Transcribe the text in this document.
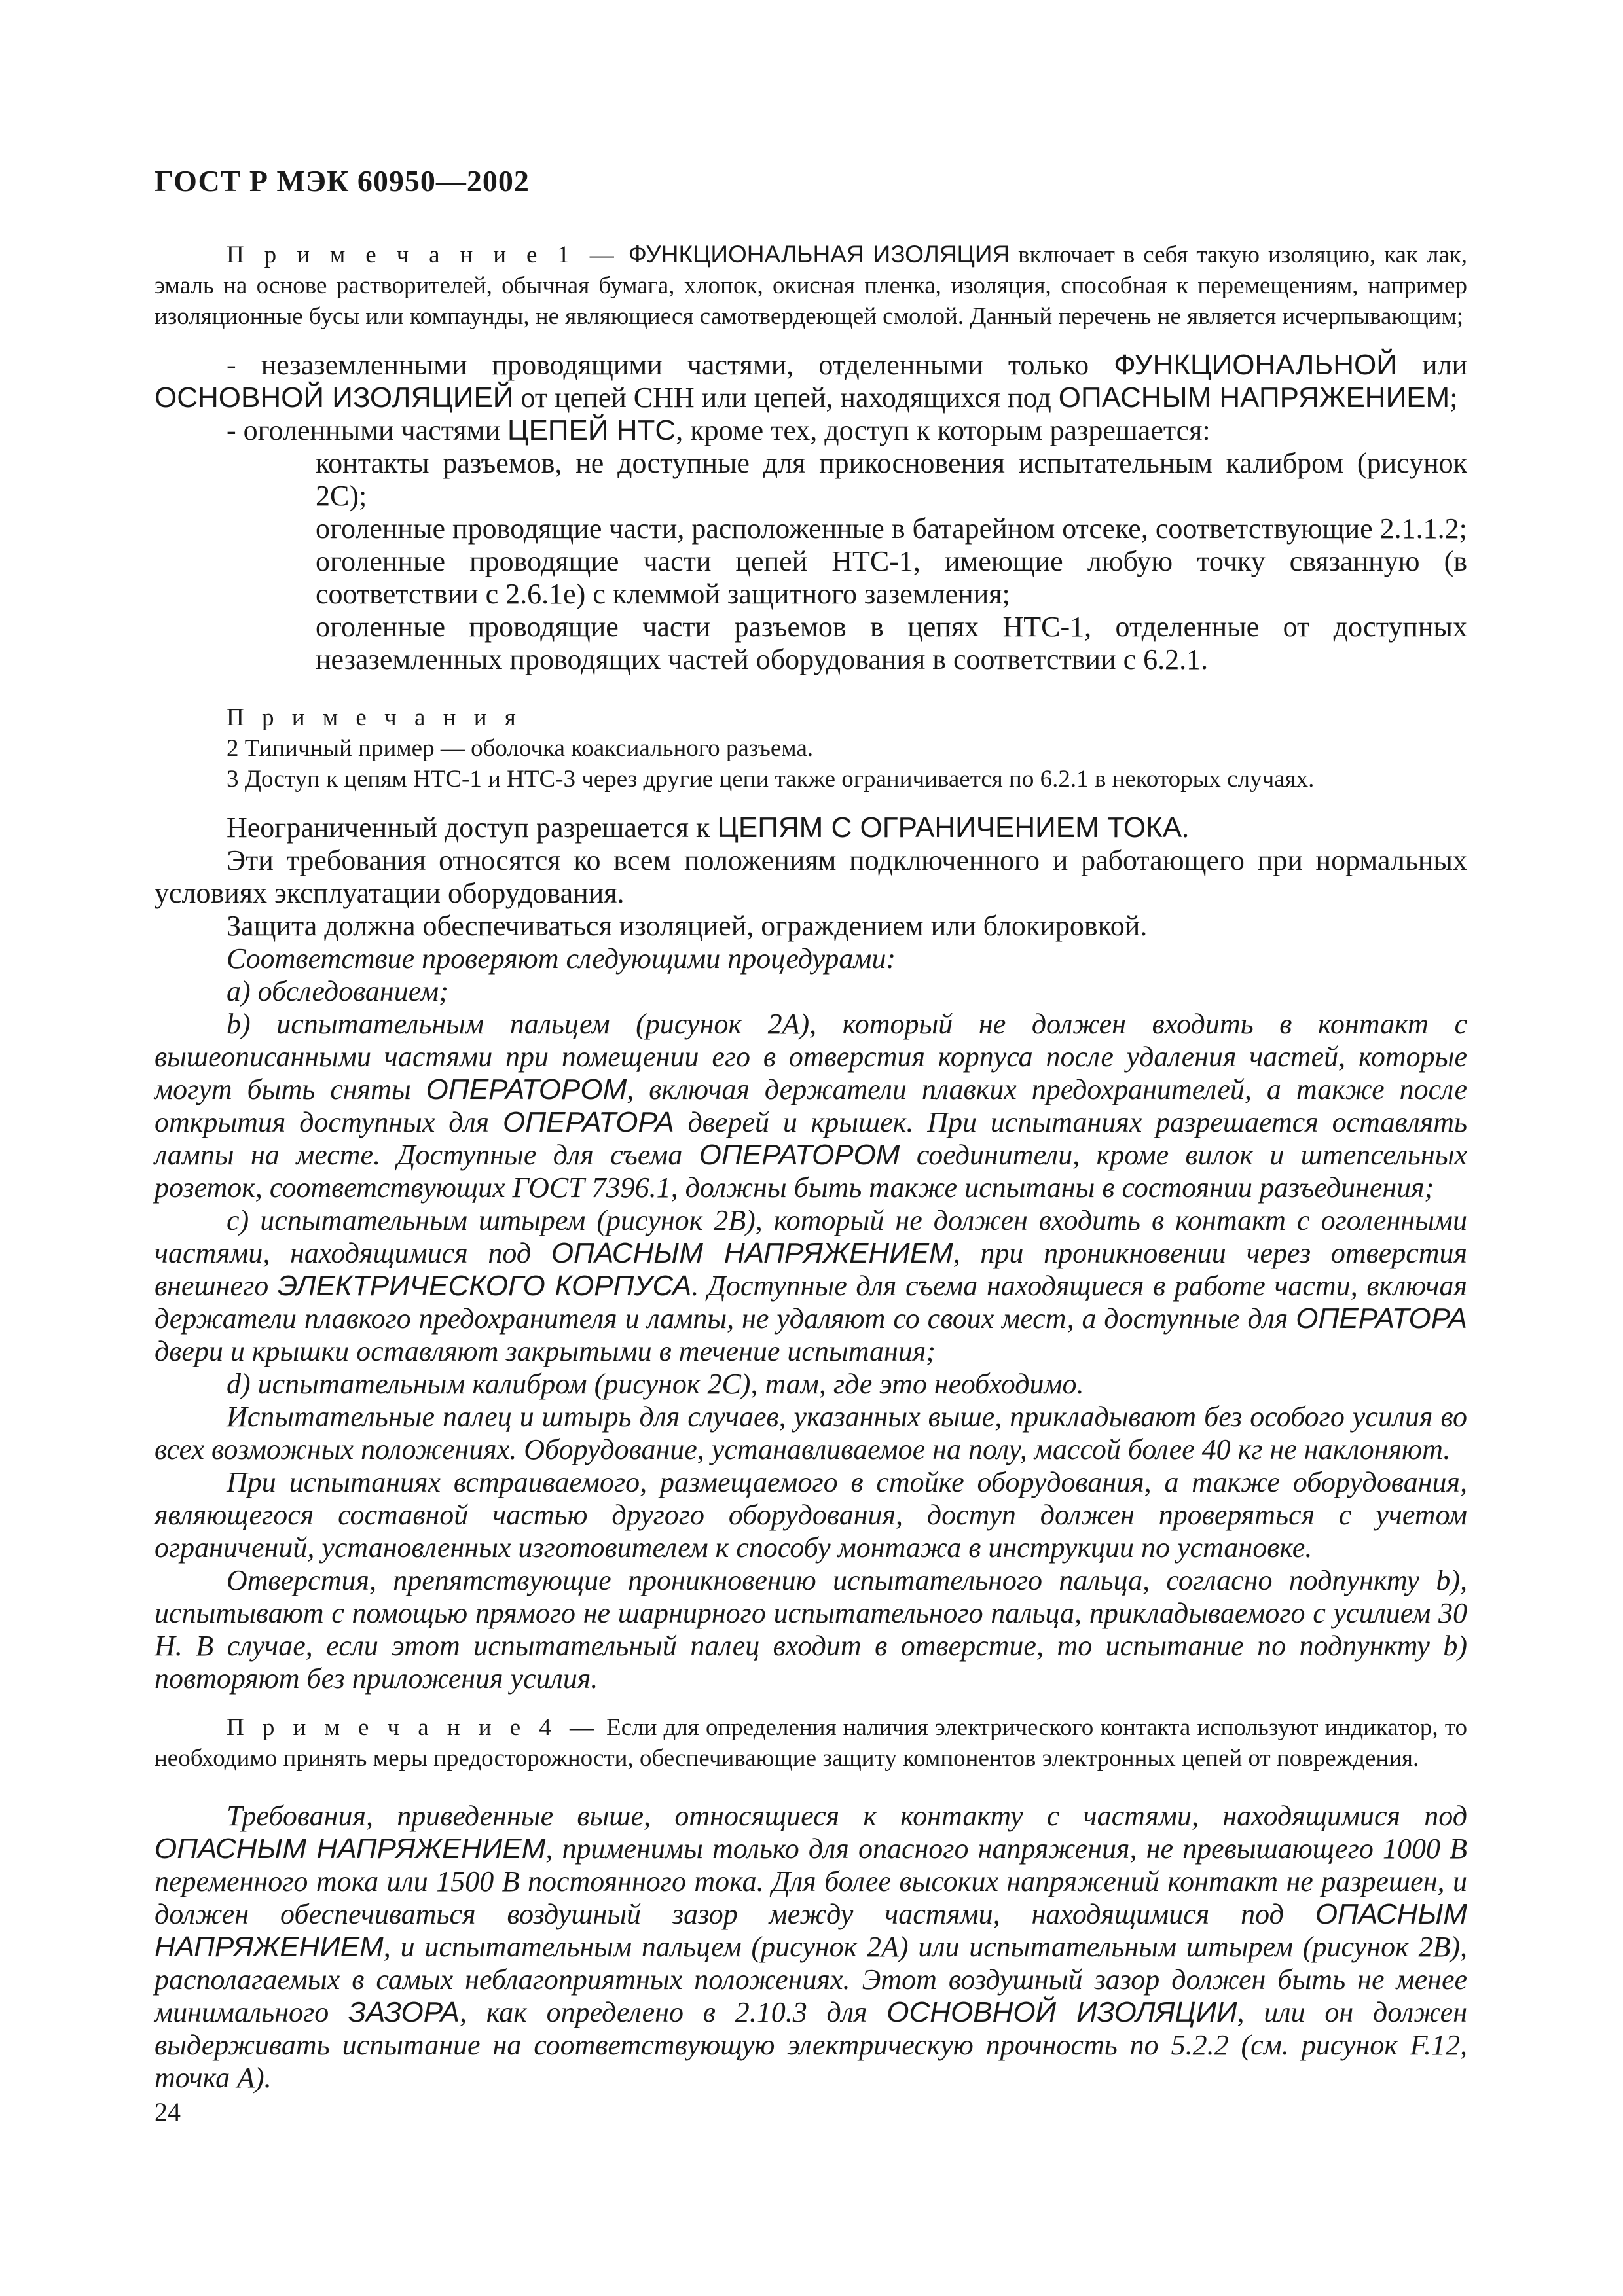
ГОСТ Р МЭК 60950—2002

П р и м е ч а н и е 1 — ФУНКЦИОНАЛЬНАЯ ИЗОЛЯЦИЯ включает в себя такую изоляцию, как лак, эмаль на основе растворителей, обычная бумага, хлопок, окисная пленка, изоляция, способная к перемещениям, например изоляционные бусы или компаунды, не являющиеся самотвердеющей смолой. Данный перечень не является исчерпывающим;

- незаземленными проводящими частями, отделенными только ФУНКЦИОНАЛЬНОЙ или ОСНОВНОЙ ИЗОЛЯЦИЕЙ от цепей СНН или цепей, находящихся под ОПАСНЫМ НАПРЯЖЕНИЕМ;

- оголенными частями ЦЕПЕЙ НТС, кроме тех, доступ к которым разрешается:

контакты разъемов, не доступные для прикосновения испытательным калибром (рисунок 2С);

оголенные проводящие части, расположенные в батарейном отсеке, соответствующие 2.1.1.2;

оголенные проводящие части цепей НТС-1, имеющие любую точку связанную (в соответствии с 2.6.1е) с клеммой защитного заземления;

оголенные проводящие части разъемов в цепях НТС-1, отделенные от доступных незаземленных проводящих частей оборудования в соответствии с 6.2.1.

П р и м е ч а н и я

2 Типичный пример — оболочка коаксиального разъема.

3 Доступ к цепям НТС-1 и НТС-3 через другие цепи также ограничивается по 6.2.1 в некоторых случаях.

Неограниченный доступ разрешается к ЦЕПЯМ С ОГРАНИЧЕНИЕМ ТОКА.

Эти требования относятся ко всем положениям подключенного и работающего при нормальных условиях эксплуатации оборудования.

Защита должна обеспечиваться изоляцией, ограждением или блокировкой.

Соответствие проверяют следующими процедурами:

a) обследованием;

b) испытательным пальцем (рисунок 2A), который не должен входить в контакт с вышеописанными частями при помещении его в отверстия корпуса после удаления частей, которые могут быть сняты ОПЕРАТОРОМ, включая держатели плавких предохранителей, а также после открытия доступных для ОПЕРАТОРА дверей и крышек. При испытаниях разрешается оставлять лампы на месте. Доступные для съема ОПЕРАТОРОМ соединители, кроме вилок и штепсельных розеток, соответствующих ГОСТ 7396.1, должны быть также испытаны в состоянии разъединения;

c) испытательным штырем (рисунок 2B), который не должен входить в контакт с оголенными частями, находящимися под ОПАСНЫМ НАПРЯЖЕНИЕМ, при проникновении через отверстия внешнего ЭЛЕКТРИЧЕСКОГО КОРПУСА. Доступные для съема находящиеся в работе части, включая держатели плавкого предохранителя и лампы, не удаляют со своих мест, а доступные для ОПЕРАТОРА двери и крышки оставляют закрытыми в течение испытания;

d) испытательным калибром (рисунок 2C), там, где это необходимо.

Испытательные палец и штырь для случаев, указанных выше, прикладывают без особого усилия во всех возможных положениях. Оборудование, устанавливаемое на полу, массой более 40 кг не наклоняют.

При испытаниях встраиваемого, размещаемого в стойке оборудования, а также оборудования, являющегося составной частью другого оборудования, доступ должен проверяться с учетом ограничений, установленных изготовителем к способу монтажа в инструкции по установке.

Отверстия, препятствующие проникновению испытательного пальца, согласно подпункту b), испытывают с помощью прямого не шарнирного испытательного пальца, прикладываемого с усилием 30 Н. В случае, если этот испытательный палец входит в отверстие, то испытание по подпункту b) повторяют без приложения усилия.

П р и м е ч а н и е 4 — Если для определения наличия электрического контакта используют индикатор, то необходимо принять меры предосторожности, обеспечивающие защиту компонентов электронных цепей от повреждения.

Требования, приведенные выше, относящиеся к контакту с частями, находящимися под ОПАСНЫМ НАПРЯЖЕНИЕМ, применимы только для опасного напряжения, не превышающего 1000 В переменного тока или 1500 В постоянного тока. Для более высоких напряжений контакт не разрешен, и должен обеспечиваться воздушный зазор между частями, находящимися под ОПАСНЫМ НАПРЯЖЕНИЕМ, и испытательным пальцем (рисунок 2A) или испытательным штырем (рисунок 2B), располагаемых в самых неблагоприятных положениях. Этот воздушный зазор должен быть не менее минимального ЗАЗОРА, как определено в 2.10.3 для ОСНОВНОЙ ИЗОЛЯЦИИ, или он должен выдерживать испытание на соответствующую электрическую прочность по 5.2.2 (см. рисунок F.12, точка А).

24
